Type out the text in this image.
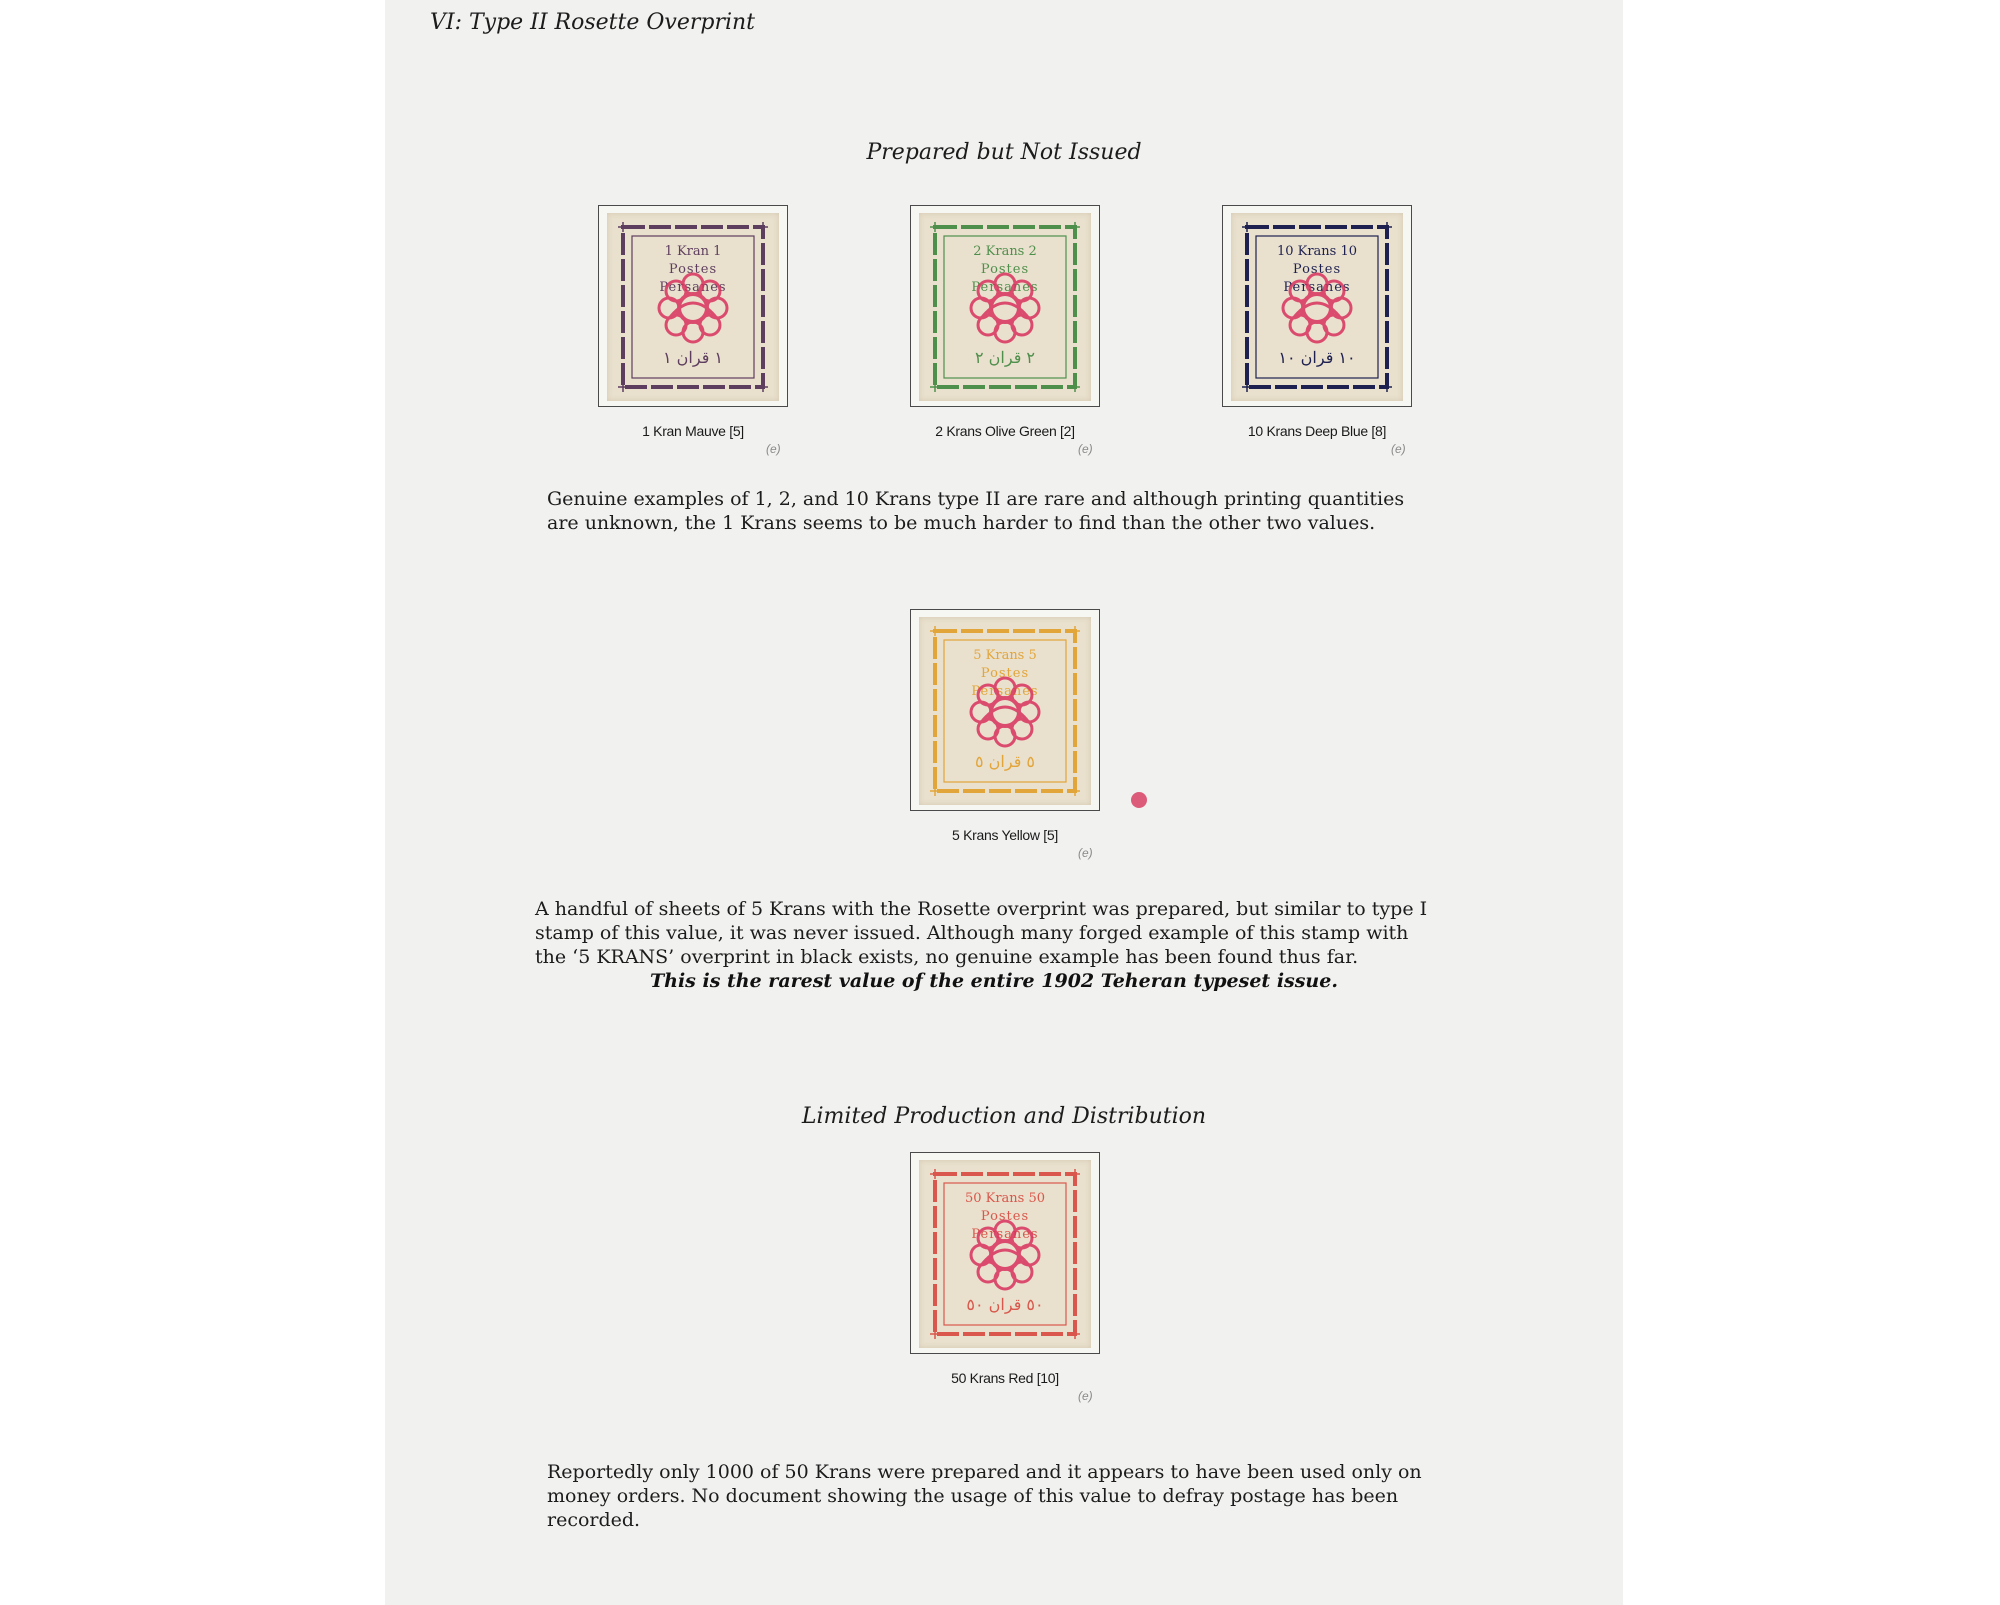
VI: Type II Rosette Overprint
Prepared but Not Issued
1 Kran 1
Postes
Persanes
١ قران ١
1 Kran Mauve [5]
(e)
2 Krans 2
Postes
Persanes
٢ قران ٢
2 Krans Olive Green [2]
(e)
10 Krans 10
Postes
Persanes
١٠ قران ١٠
10 Krans Deep Blue [8]
(e)
Genuine examples of 1, 2, and 10 Krans type II are rare and although printing quantities
are unknown, the 1 Krans seems to be much harder to find than the other two values.
5 Krans 5
Postes
Persanes
٥ قران ٥
5 Krans Yellow [5]
(e)
A handful of sheets of 5 Krans with the Rosette overprint was prepared, but similar to type I
stamp of this value, it was never issued. Although many forged example of this stamp with
the ‘5 KRANS’ overprint in black exists, no genuine example has been found thus far.
This is the rarest value of the entire 1902 Teheran typeset issue.
Limited Production and Distribution
50 Krans 50
Postes
Persanes
٥٠ قران ٥٠
50 Krans Red [10]
(e)
Reportedly only 1000 of 50 Krans were prepared and it appears to have been used only on
money orders. No document showing the usage of this value to defray postage has been
recorded.
